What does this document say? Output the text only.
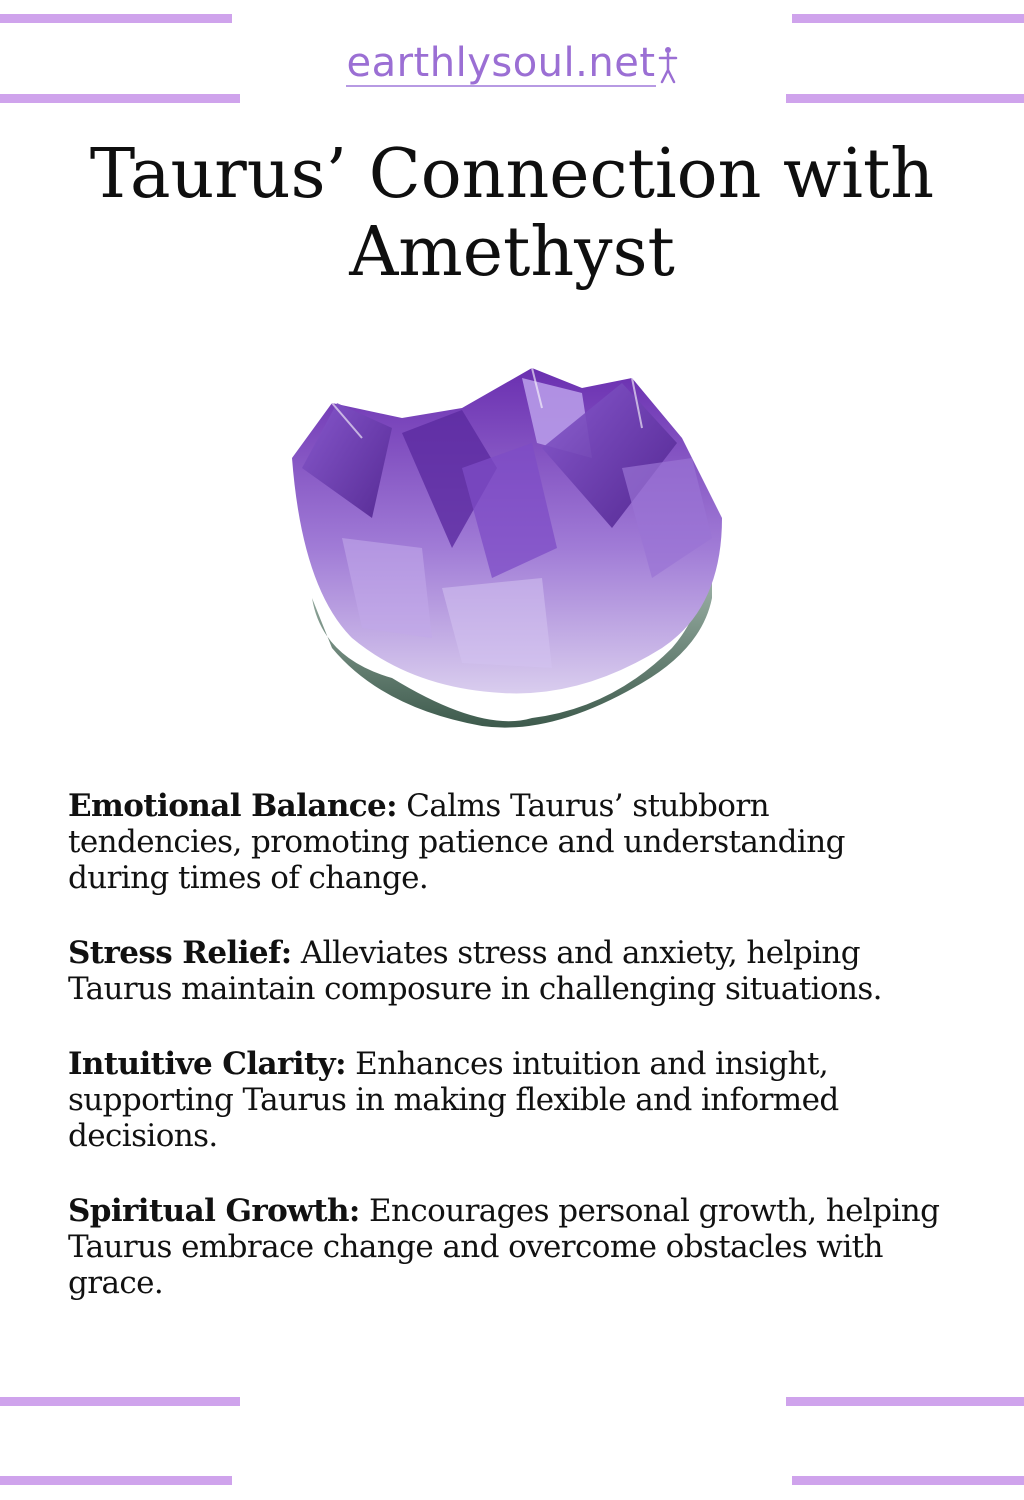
earthlysoul.net
Taurus’ Connection with Amethyst

Emotional Balance: Calms Taurus’ stubborn tendencies, promoting patience and understanding during times of change.

Stress Relief: Alleviates stress and anxiety, helping Taurus maintain composure in challenging situations.

Intuitive Clarity: Enhances intuition and insight, supporting Taurus in making flexible and informed decisions.

Spiritual Growth: Encourages personal growth, helping Taurus embrace change and overcome obstacles with grace.
